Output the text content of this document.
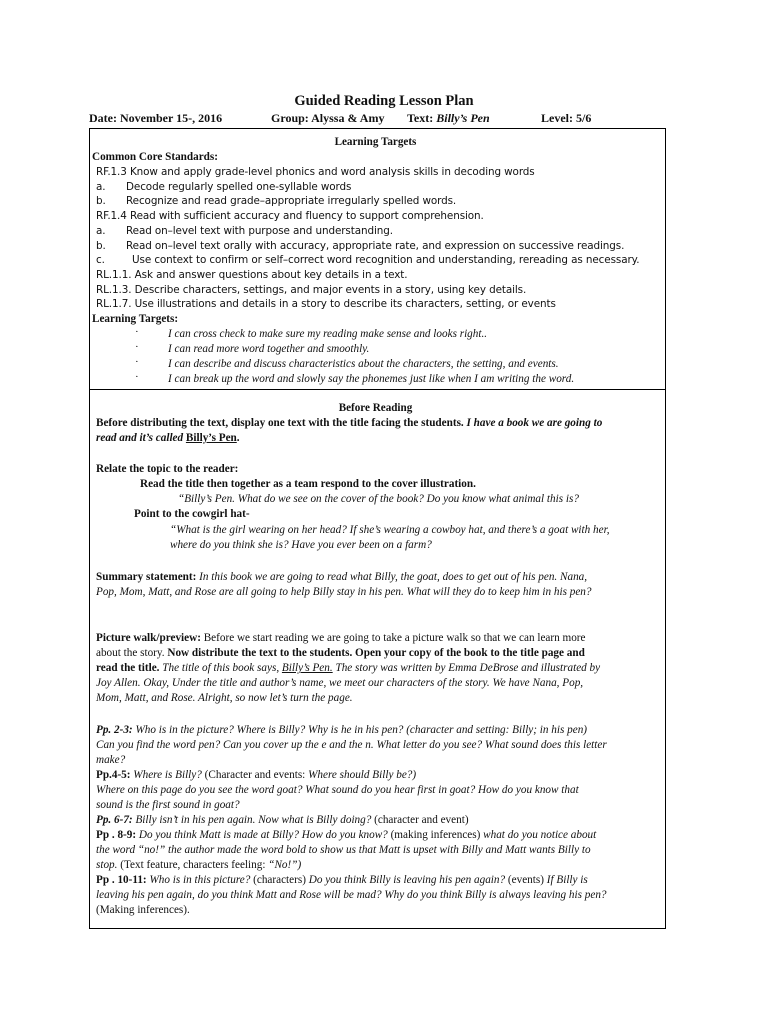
Guided Reading Lesson Plan
Date: November 15-, 2016	Group: Alyssa & Amy Text: Billy’s Pen	Level: 5/6
Learning Targets
Common Core Standards:
RF.1.3 Know and apply grade-level phonics and word analysis skills in decoding words
a. Decode regularly spelled one-syllable words
b. Recognize and read grade–appropriate irregularly spelled words.
RF.1.4 Read with sufficient accuracy and fluency to support comprehension.
a. Read on–level text with purpose and understanding.
b. Read on–level text orally with accuracy, appropriate rate, and expression on successive readings.
c.	Use context to confirm or self–correct word recognition and understanding, rereading as necessary.
RL.1.1. Ask and answer questions about key details in a text.
RL.1.3. Describe characters, settings, and major events in a story, using key details.
RL.1.7. Use illustrations and details in a story to describe its characters, setting, or events
Learning Targets:
·	I can cross check to make sure my reading make sense and looks right..
·	I can read more word together and smoothly.
·	I can describe and discuss characteristics about the characters, the setting, and events.
·	I can break up the word and slowly say the phonemes just like when I am writing the word.
Before Reading
Before distributing the text, display one text with the title facing the students. I have a book we are going to
read and it’s called Billy’s Pen.
Relate the topic to the reader:
Read the title then together as a team respond to the cover illustration.
“Billy’s Pen. What do we see on the cover of the book? Do you know what animal this is?
Point to the cowgirl hat-
“What is the girl wearing on her head? If she’s wearing a cowboy hat, and there’s a goat with her,
where do you think she is? Have you ever been on a farm?
Summary statement: In this book we are going to read what Billy, the goat, does to get out of his pen. Nana,
Pop, Mom, Matt, and Rose are all going to help Billy stay in his pen. What will they do to keep him in his pen?
Picture walk/preview: Before we start reading we are going to take a picture walk so that we can learn more
about the story. Now distribute the text to the students. Open your copy of the book to the title page and
read the title. The title of this book says, Billy’s Pen. The story was written by Emma DeBrose and illustrated by
Joy Allen. Okay, Under the title and author’s name, we meet our characters of the story. We have Nana, Pop,
Mom, Matt, and Rose. Alright, so now let’s turn the page.
Pp. 2-3: Who is in the picture? Where is Billy? Why is he in his pen? (character and setting: Billy; in his pen)
Can you find the word pen? Can you cover up the e and the n. What letter do you see? What sound does this letter
make?
Pp.4-5: Where is Billy? (Character and events: Where should Billy be?)
Where on this page do you see the word goat? What sound do you hear first in goat? How do you know that
sound is the first sound in goat?
Pp. 6-7: Billy isn’t in his pen again. Now what is Billy doing? (character and event)
Pp . 8-9: Do you think Matt is made at Billy? How do you know? (making inferences) what do you notice about
the word “no!” the author made the word bold to show us that Matt is upset with Billy and Matt wants Billy to
stop. (Text feature, characters feeling: “No!”)
Pp . 10-11: Who is in this picture? (characters) Do you think Billy is leaving his pen again? (events) If Billy is
leaving his pen again, do you think Matt and Rose will be mad? Why do you think Billy is always leaving his pen?
(Making inferences).
